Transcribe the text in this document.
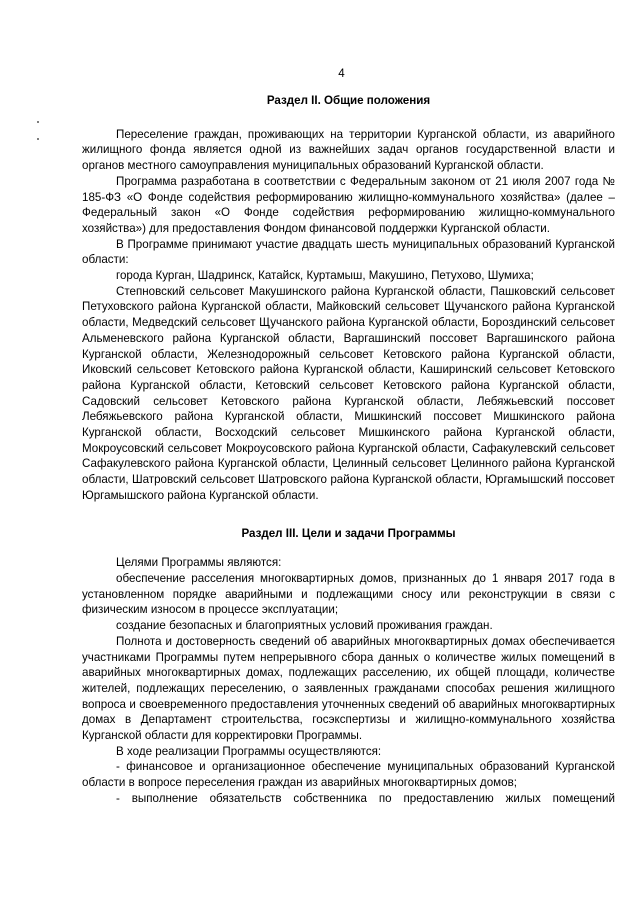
4

Раздел II. Общие положения

Переселение граждан, проживающих на территории Курганской области, из аварийного жилищного фонда является одной из важнейших задач органов государственной власти и органов местного самоуправления муниципальных образований Курганской области.

Программа разработана в соответствии с Федеральным законом от 21 июля 2007 года № 185-ФЗ «О Фонде содействия реформированию жилищно-коммунального хозяйства» (далее – Федеральный закон «О Фонде содействия реформированию жилищно-коммунального хозяйства») для предоставления Фондом финансовой поддержки Курганской области.

В Программе принимают участие двадцать шесть муниципальных образований Курганской области:

города Курган, Шадринск, Катайск, Куртамыш, Макушино, Петухово, Шумиха;

Степновский сельсовет Макушинского района Курганской области, Пашковский сельсовет Петуховского района Курганской области, Майковский сельсовет Щучанского района Курганской области, Медведский сельсовет Щучанского района Курганской области, Бороздинский сельсовет Альменевского района Курганской области, Варгашинский поссовет Варгашинского района Курганской области, Железнодорожный сельсовет Кетовского района Курганской области, Иковский сельсовет Кетовского района Курганской области, Каширинский сельсовет Кетовского района Курганской области, Кетовский сельсовет Кетовского района Курганской области, Садовский сельсовет Кетовского района Курганской области, Лебяжьевский поссовет Лебяжьевского района Курганской области, Мишкинский поссовет Мишкинского района Курганской области, Восходский сельсовет Мишкинского района Курганской области, Мокроусовский сельсовет Мокроусовского района Курганской области, Сафакулевский сельсовет Сафакулевского района Курганской области, Целинный сельсовет Целинного района Курганской области, Шатровский сельсовет Шатровского района Курганской области, Юргамышский поссовет Юргамышского района Курганской области.

Раздел III. Цели и задачи Программы

Целями Программы являются:

обеспечение расселения многоквартирных домов, признанных до 1 января 2017 года в установленном порядке аварийными и подлежащими сносу или реконструкции в связи с физическим износом в процессе эксплуатации;

создание безопасных и благоприятных условий проживания граждан.

Полнота и достоверность сведений об аварийных многоквартирных домах обеспечивается участниками Программы путем непрерывного сбора данных о количестве жилых помещений в аварийных многоквартирных домах, подлежащих расселению, их общей площади, количестве жителей, подлежащих переселению, о заявленных гражданами способах решения жилищного вопроса и своевременного предоставления уточненных сведений об аварийных многоквартирных домах в Департамент строительства, госэкспертизы и жилищно-коммунального хозяйства Курганской области для корректировки Программы.

В ходе реализации Программы осуществляются:

- финансовое и организационное обеспечение муниципальных образований Курганской области в вопросе переселения граждан из аварийных многоквартирных домов;

- выполнение обязательств собственника по предоставлению жилых помещений
